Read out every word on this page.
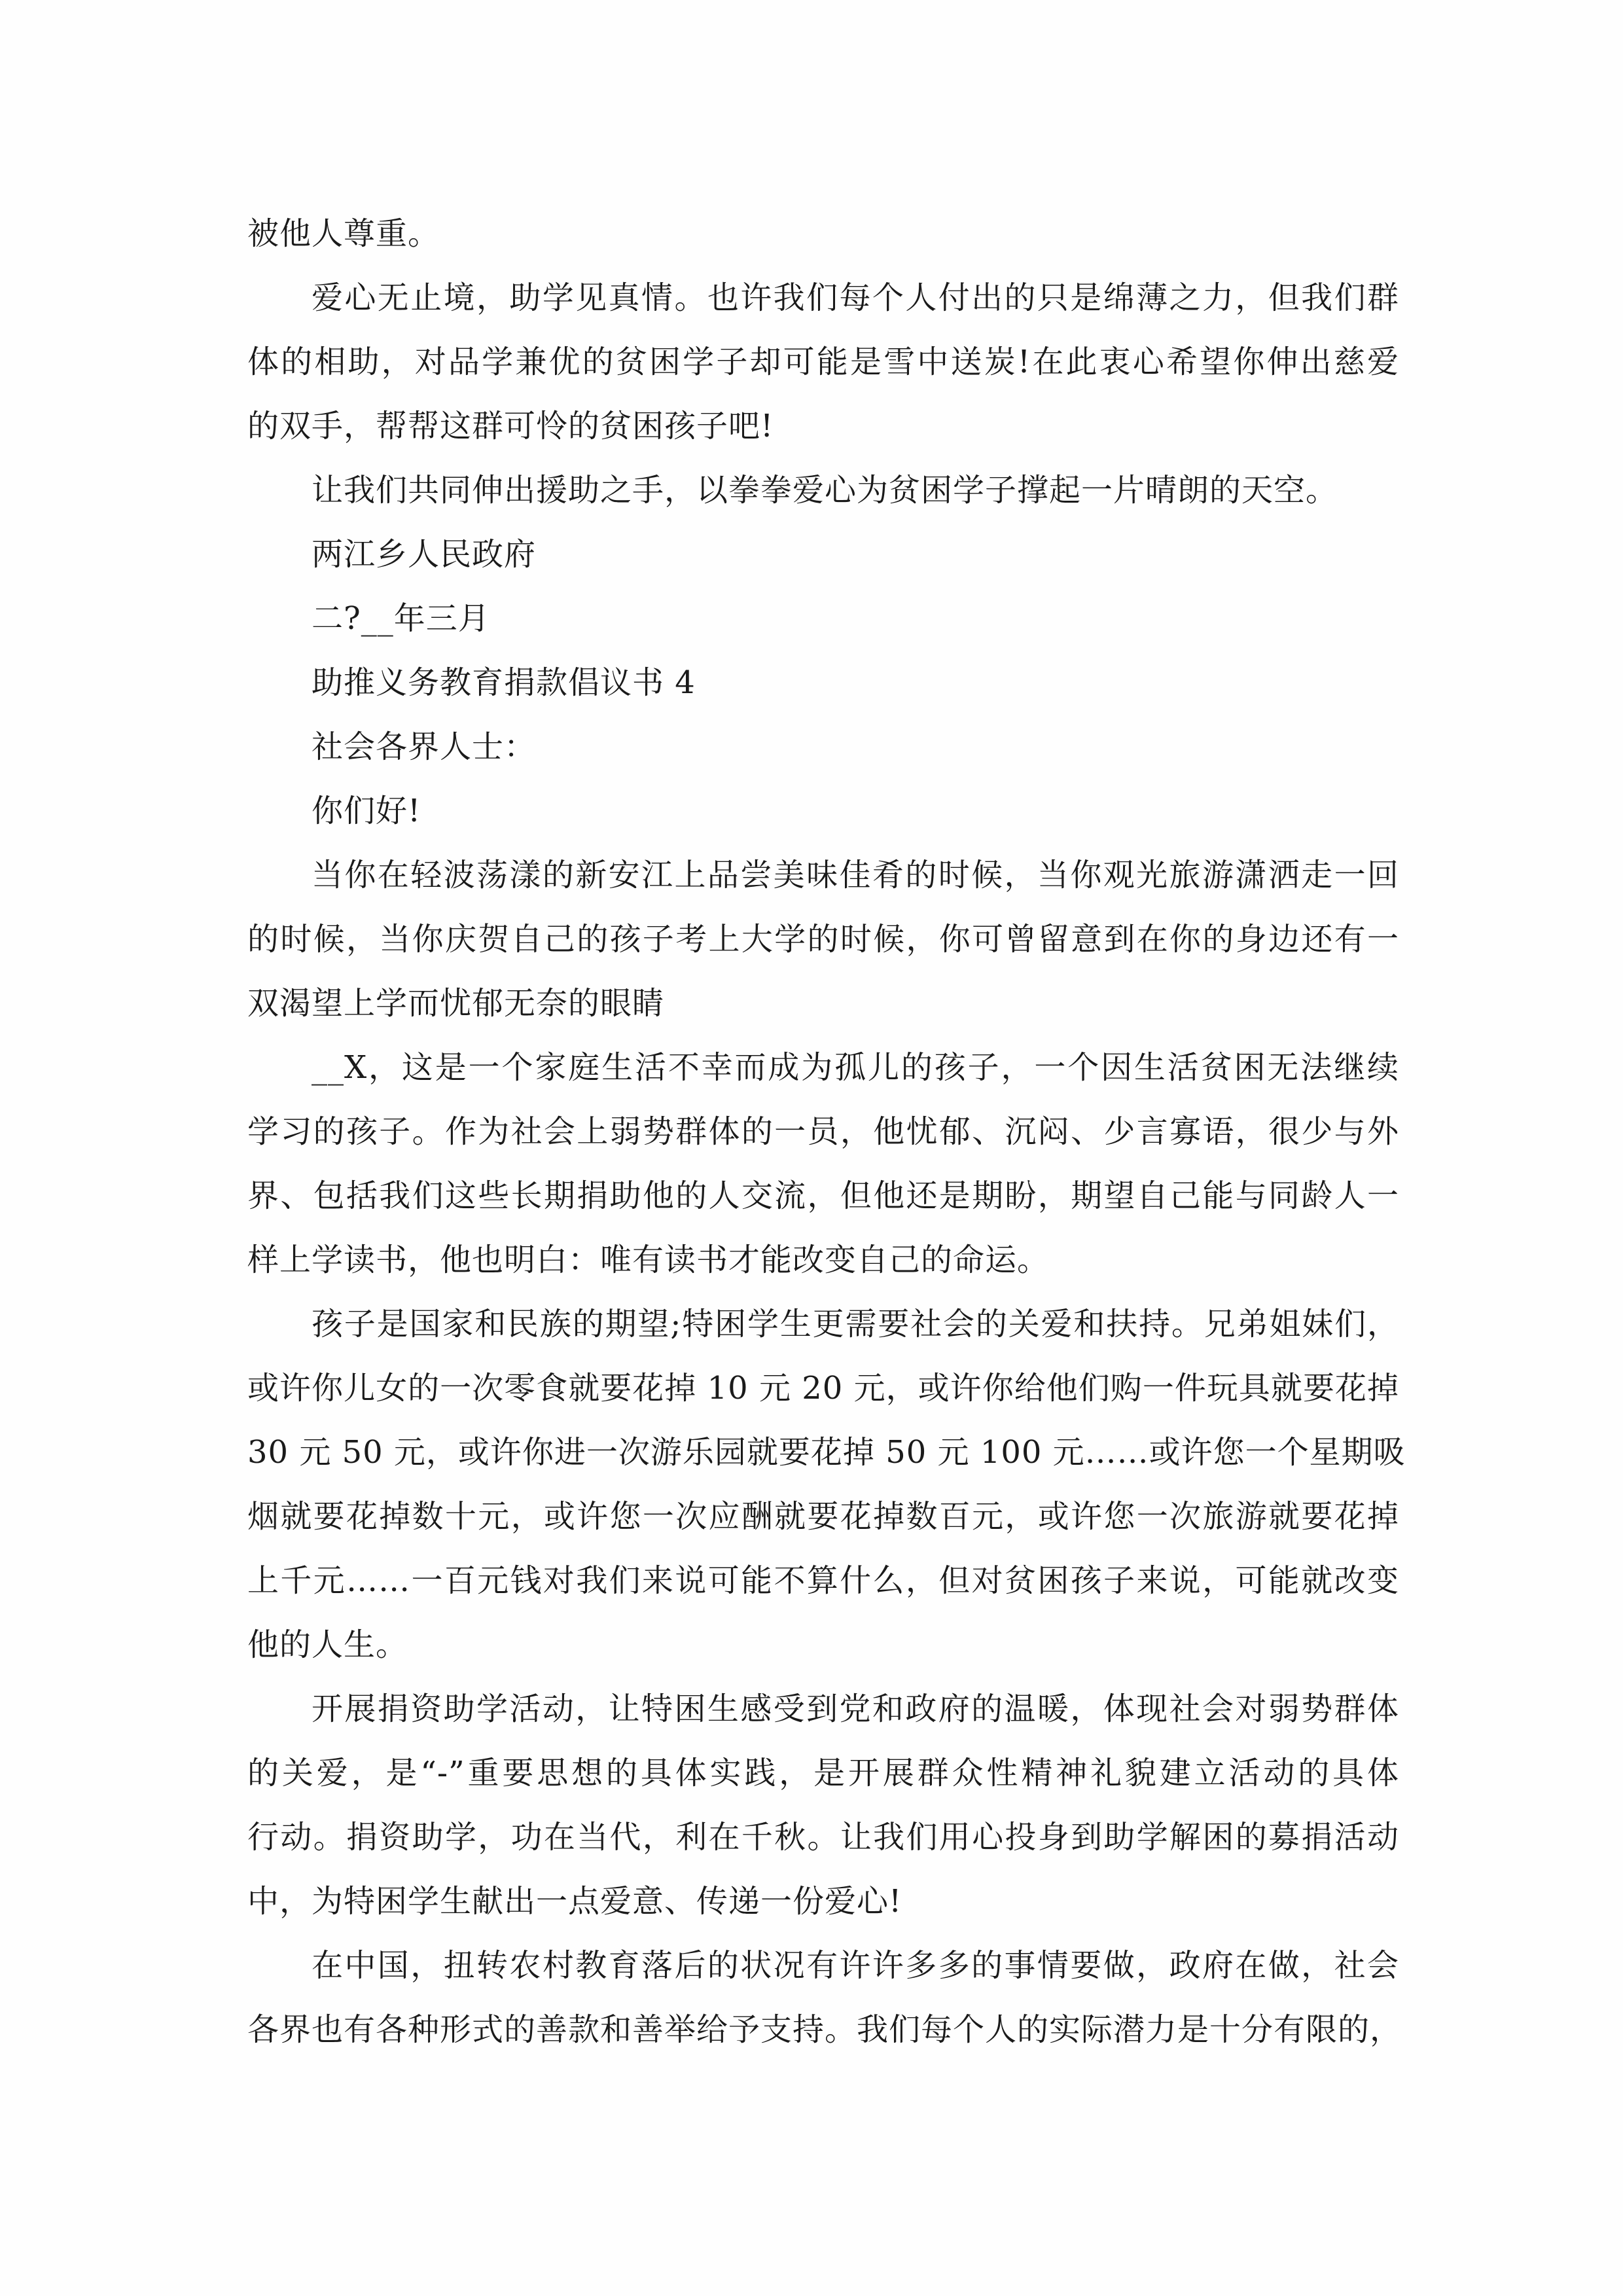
被他人尊重。
爱心无止境，助学见真情。也许我们每个人付出的只是绵薄之力，但我们群
体的相助，对品学兼优的贫困学子却可能是雪中送炭!在此衷心希望你伸出慈爱
的双手，帮帮这群可怜的贫困孩子吧!
让我们共同伸出援助之手，以拳拳爱心为贫困学子撑起一片晴朗的天空。
两江乡人民政府
二?__年三月
助推义务教育捐款倡议书 4
社会各界人士：
你们好!
当你在轻波荡漾的新安江上品尝美味佳肴的时候，当你观光旅游潇洒走一回
的时候，当你庆贺自己的孩子考上大学的时候，你可曾留意到在你的身边还有一
双渴望上学而忧郁无奈的眼睛
__X，这是一个家庭生活不幸而成为孤儿的孩子，一个因生活贫困无法继续
学习的孩子。作为社会上弱势群体的一员，他忧郁、沉闷、少言寡语，很少与外
界、包括我们这些长期捐助他的人交流，但他还是期盼，期望自己能与同龄人一
样上学读书，他也明白：唯有读书才能改变自己的命运。
孩子是国家和民族的期望;特困学生更需要社会的关爱和扶持。兄弟姐妹们，
或许你儿女的一次零食就要花掉 10 元 20 元，或许你给他们购一件玩具就要花掉
30 元 50 元，或许你进一次游乐园就要花掉 50 元 100 元……或许您一个星期吸
烟就要花掉数十元，或许您一次应酬就要花掉数百元，或许您一次旅游就要花掉
上千元……一百元钱对我们来说可能不算什么，但对贫困孩子来说，可能就改变
他的人生。
开展捐资助学活动，让特困生感受到党和政府的温暖，体现社会对弱势群体
的关爱，是“-”重要思想的具体实践，是开展群众性精神礼貌建立活动的具体
行动。捐资助学，功在当代，利在千秋。让我们用心投身到助学解困的募捐活动
中，为特困学生献出一点爱意、传递一份爱心!
在中国，扭转农村教育落后的状况有许许多多的事情要做，政府在做，社会
各界也有各种形式的善款和善举给予支持。我们每个人的实际潜力是十分有限的，
